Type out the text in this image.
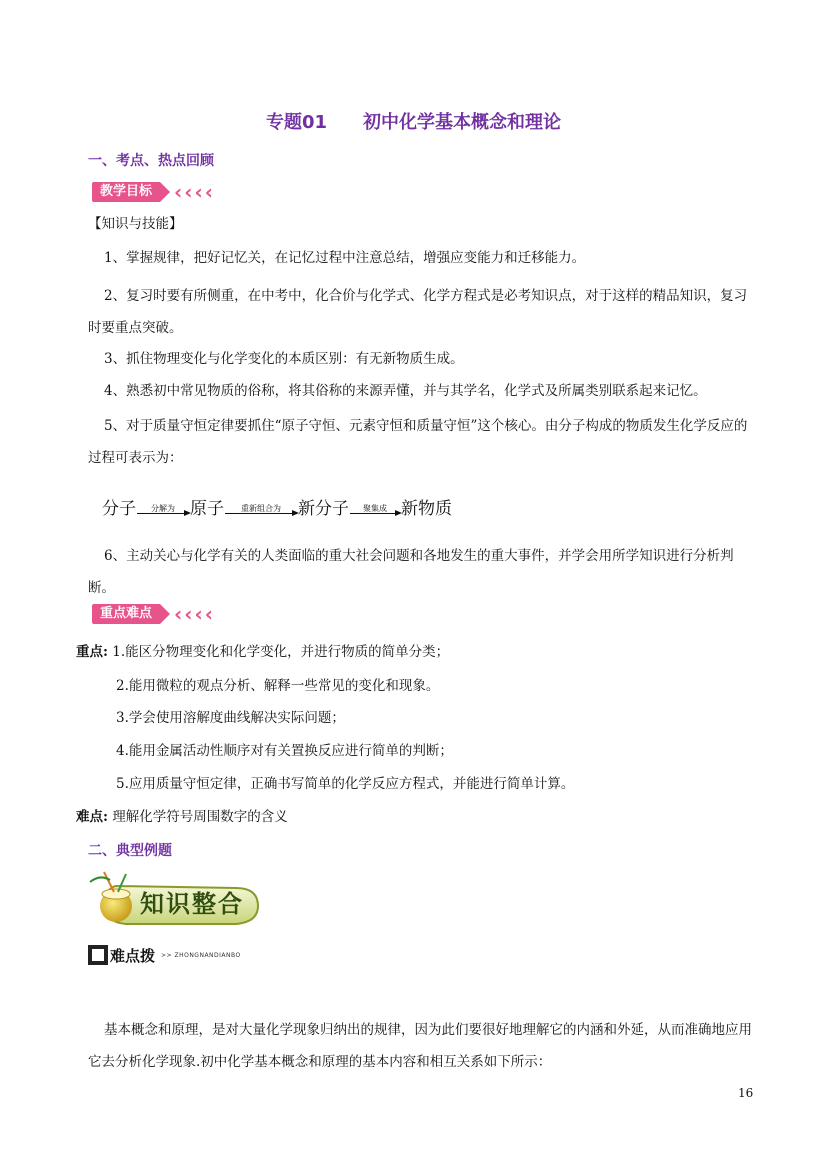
专题01 初中化学基本概念和理论
一、考点、热点回顾
教学目标	‹ ‹ ‹ ‹
【知识与技能】
1、掌握规律，把好记忆关，在记忆过程中注意总结，增强应变能力和迁移能力。
2、复习时要有所侧重，在中考中，化合价与化学式、化学方程式是必考知识点，对于这样的精品知识，复习时要重点突破。
3、抓住物理变化与化学变化的本质区别：有无新物质生成。
4、熟悉初中常见物质的俗称，将其俗称的来源弄懂，并与其学名，化学式及所属类别联系起来记忆。
5、对于质量守恒定律要抓住“原子守恒、元素守恒和质量守恒”这个核心。由分子构成的物质发生化学反应的过程可表示为：
分子	分解为 原子	重新组合为	新分子	聚集成 新物质
6、主动关心与化学有关的人类面临的重大社会问题和各地发生的重大事件，并学会用所学知识进行分析判断。
重点难点	‹ ‹ ‹ ‹
重点: 1.能区分物理变化和化学变化，并进行物质的简单分类；
2.能用微粒的观点分析、解释一些常见的变化和现象。
3.学会使用溶解度曲线解决实际问题；
4.能用金属活动性顺序对有关置换反应进行简单的判断；
5.应用质量守恒定律，正确书写简单的化学反应方程式，并能进行简单计算。
难点: 理解化学符号周围数字的含义
二、典型例题
知识整合
难点拨 >> ZHONGNANDIANBO
基本概念和原理，是对大量化学现象归纳出的规律，因为此们要很好地理解它的内涵和外延，从而准确地应用它去分析化学现象.初中化学基本概念和原理的基本内容和相互关系如下所示：
16
